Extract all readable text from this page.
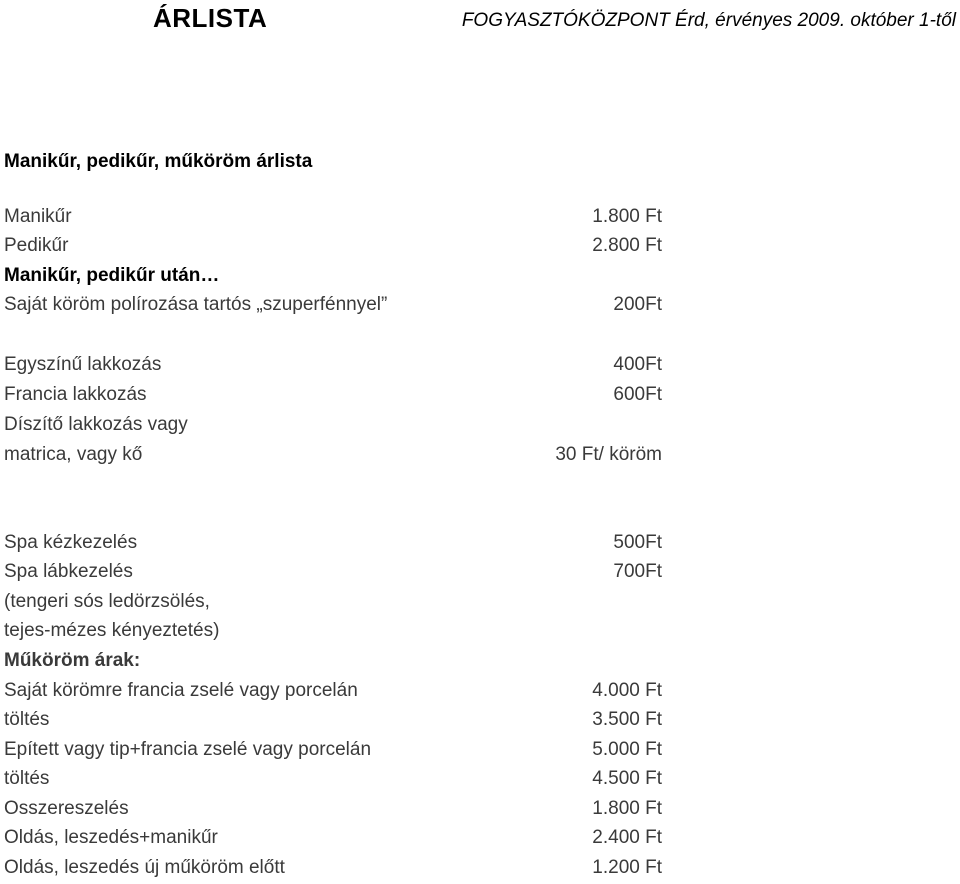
ÁRLISTA	FOGYASZTÓKÖZPONT Érd, érvényes 2009. október 1-től
Manikűr, pedikűr, műköröm árlista
Manikűr	1.800 Ft
Pedikűr	2.800 Ft
Manikűr, pedikűr után…
Saját köröm polírozása tartós „szuperfénnyel”	200Ft
Egyszínű lakkozás	400Ft
Francia lakkozás	600Ft
Díszítő lakkozás vagy
matrica, vagy kő	30 Ft/ köröm
Spa kézkezelés	500Ft
Spa lábkezelés	700Ft
(tengeri sós ledörzsölés,
tejes-mézes kényeztetés)
Műköröm árak:
Saját körömre francia zselé vagy porcelán	4.000 Ft
töltés	3.500 Ft
Epített vagy tip+francia zselé vagy porcelán	5.000 Ft
töltés	4.500 Ft
Osszereszelés	1.800 Ft
Oldás, leszedés+manikűr	2.400 Ft
Oldás, leszedés új műköröm előtt	1.200 Ft
